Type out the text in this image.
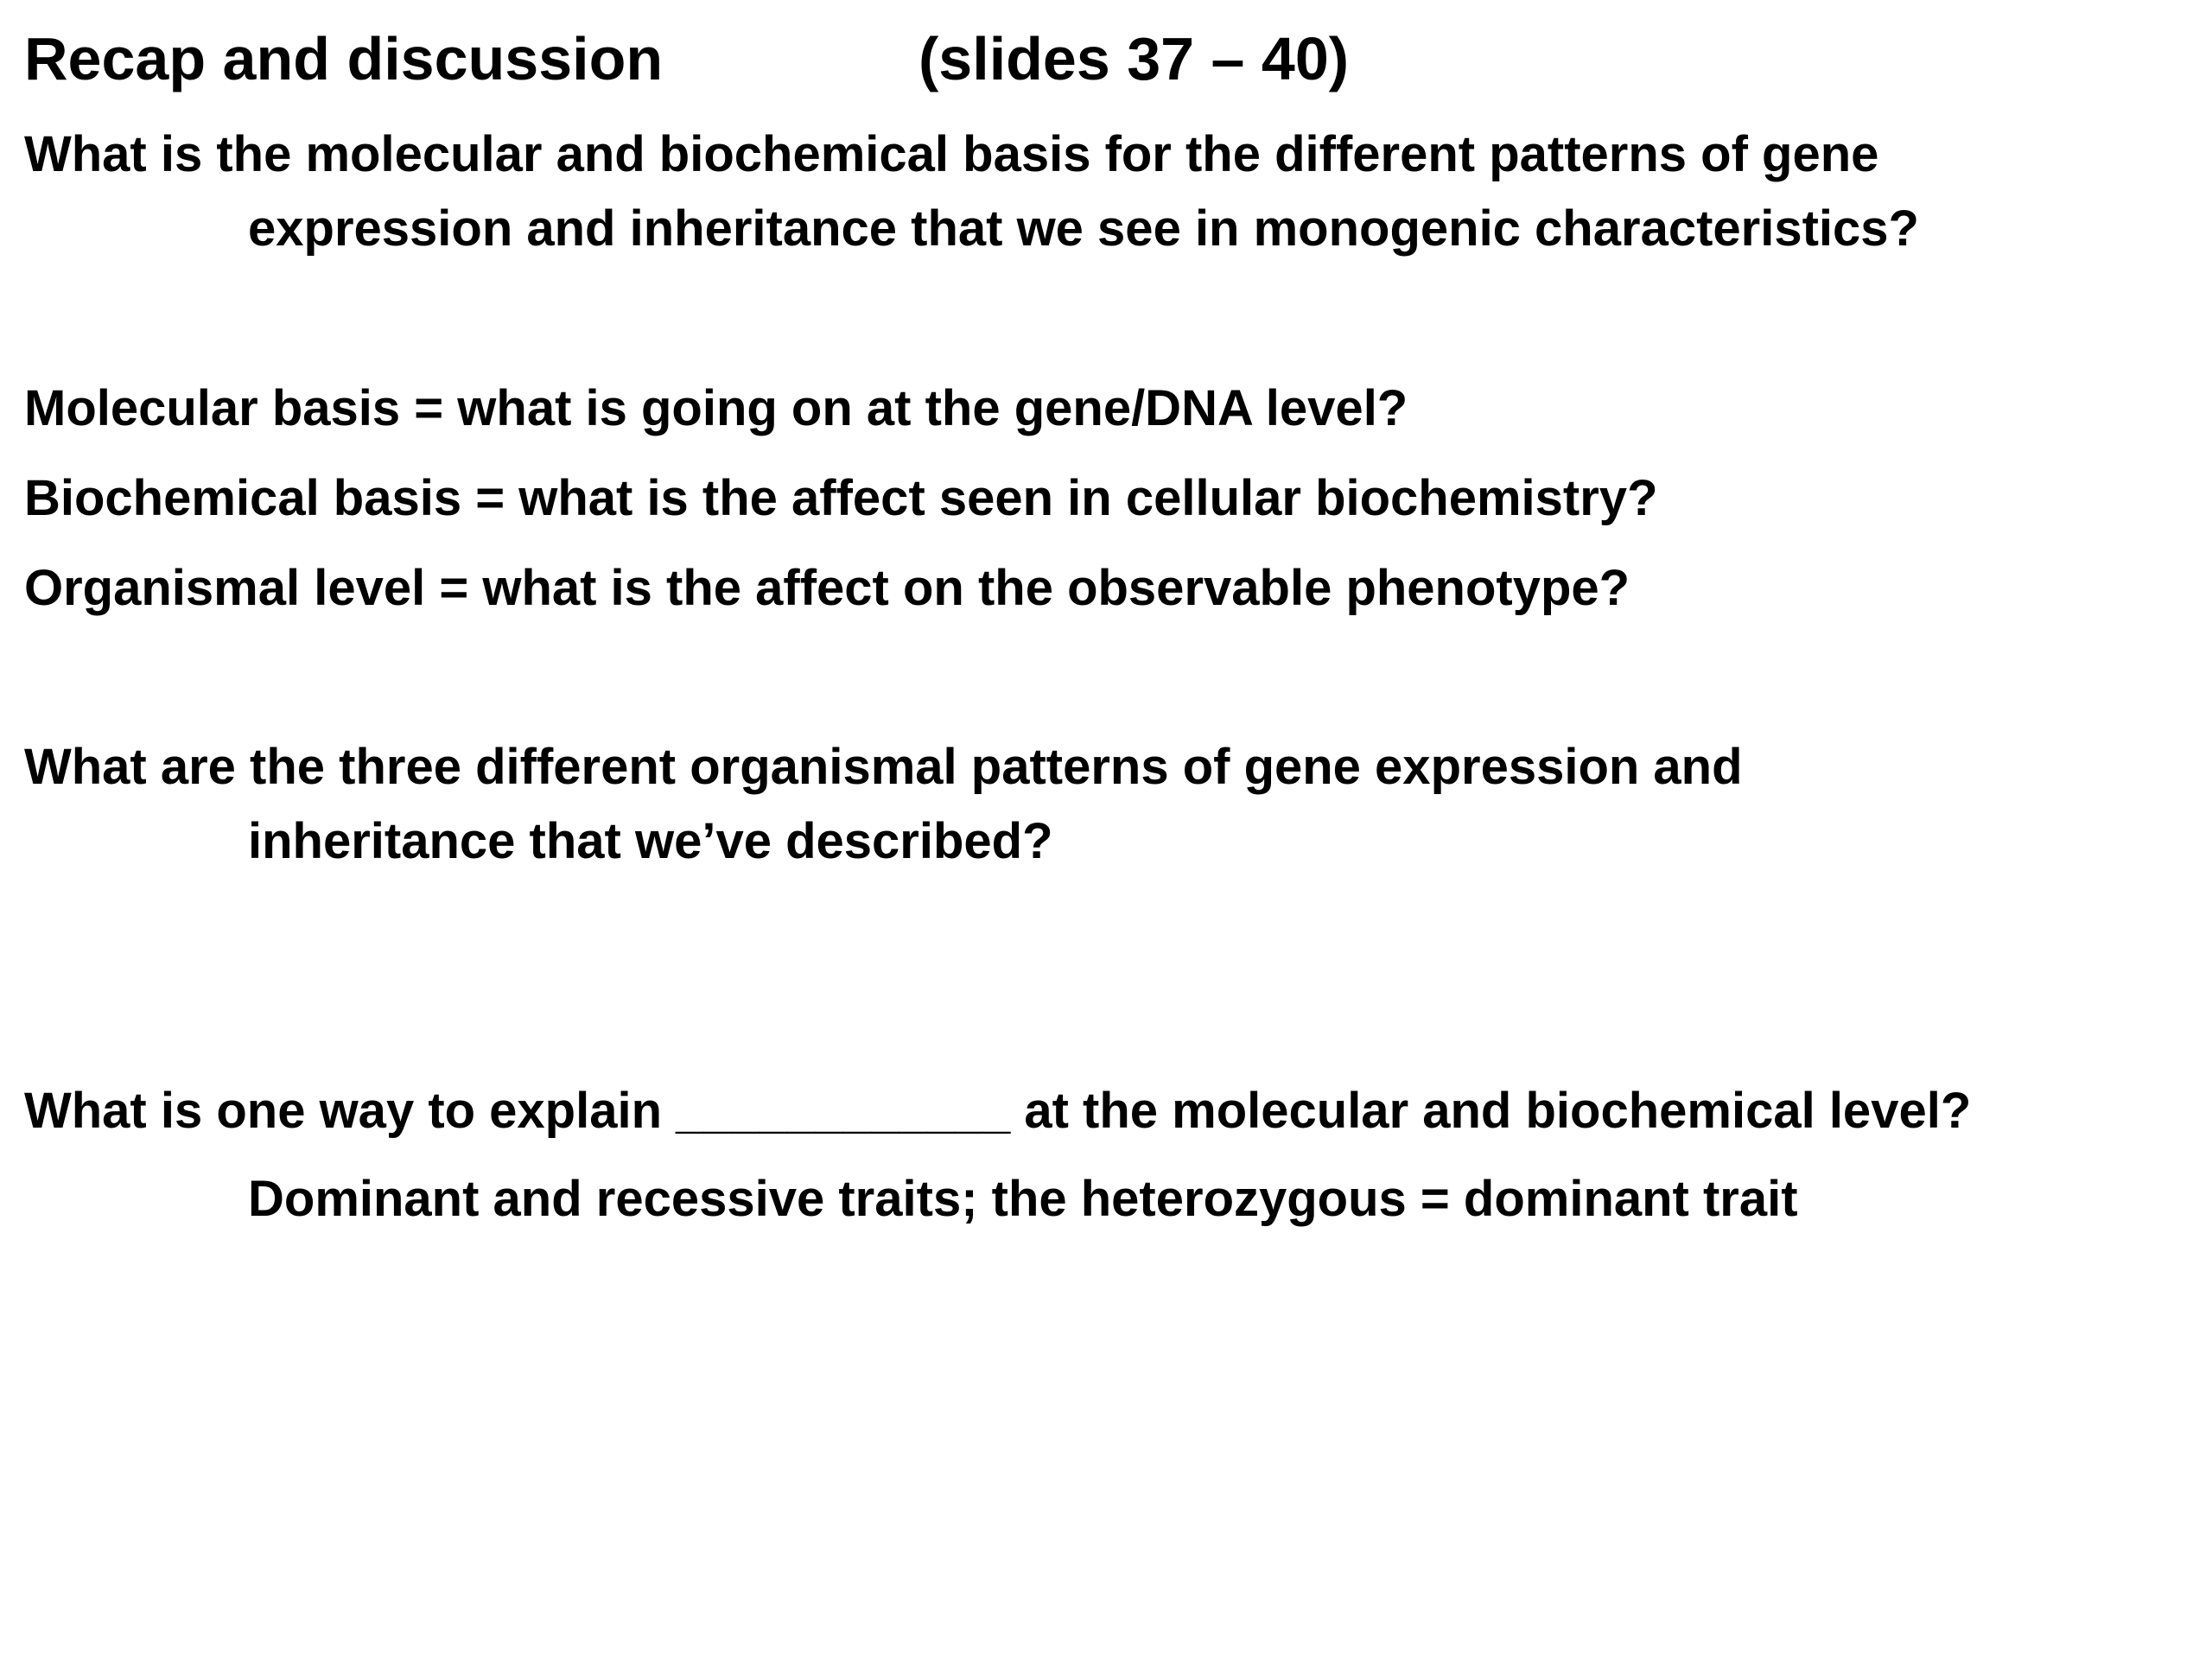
Recap and discussion	(slides 37 – 40)
What is the molecular and biochemical basis for the different patterns of gene
expression and inheritance that we see in monogenic characteristics?
Molecular basis = what is going on at the gene/DNA level?
Biochemical basis = what is the affect seen in cellular biochemistry?
Organismal level = what is the affect on the observable phenotype?
What are the three different organismal patterns of gene expression and
inheritance that we’ve described?
What is one way to explain ____________ at the molecular and biochemical level?
Dominant and recessive traits; the heterozygous = dominant trait
